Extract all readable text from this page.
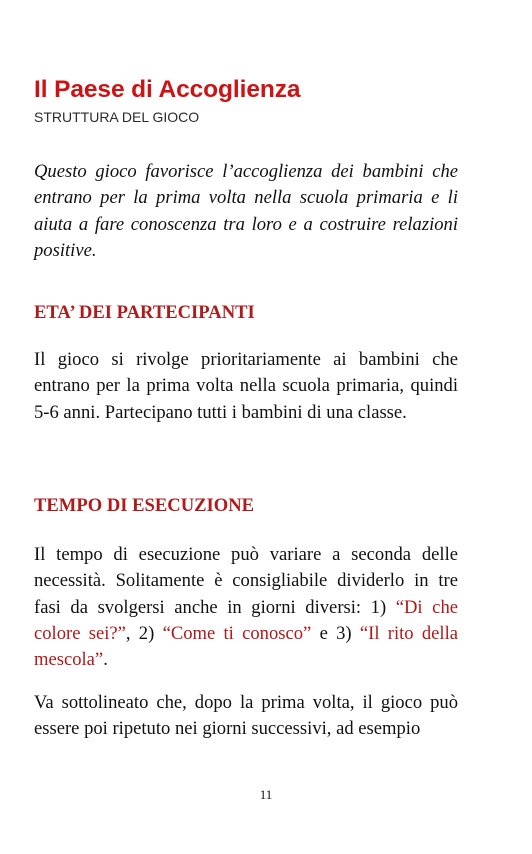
Il Paese di Accoglienza
STRUTTURA DEL GIOCO

Questo gioco favorisce l’accoglienza dei bambini che entrano per la prima volta nella scuola primaria e li aiuta a fare conoscenza tra loro e a costruire relazioni positive.

ETA’ DEI PARTECIPANTI

Il gioco si rivolge prioritariamente ai bambini che entrano per la prima volta nella scuola primaria, quindi 5-6 anni. Partecipano tutti i bambini di una classe.

TEMPO DI ESECUZIONE

Il tempo di esecuzione può variare a seconda delle necessità. Solitamente è consigliabile dividerlo in tre fasi da svolgersi anche in giorni diversi: 1) “Di che colore sei?”, 2) “Come ti conosco” e 3) “Il rito della mescola”.

Va sottolineato che, dopo la prima volta, il gioco può essere poi ripetuto nei giorni successivi, ad esempio

11
